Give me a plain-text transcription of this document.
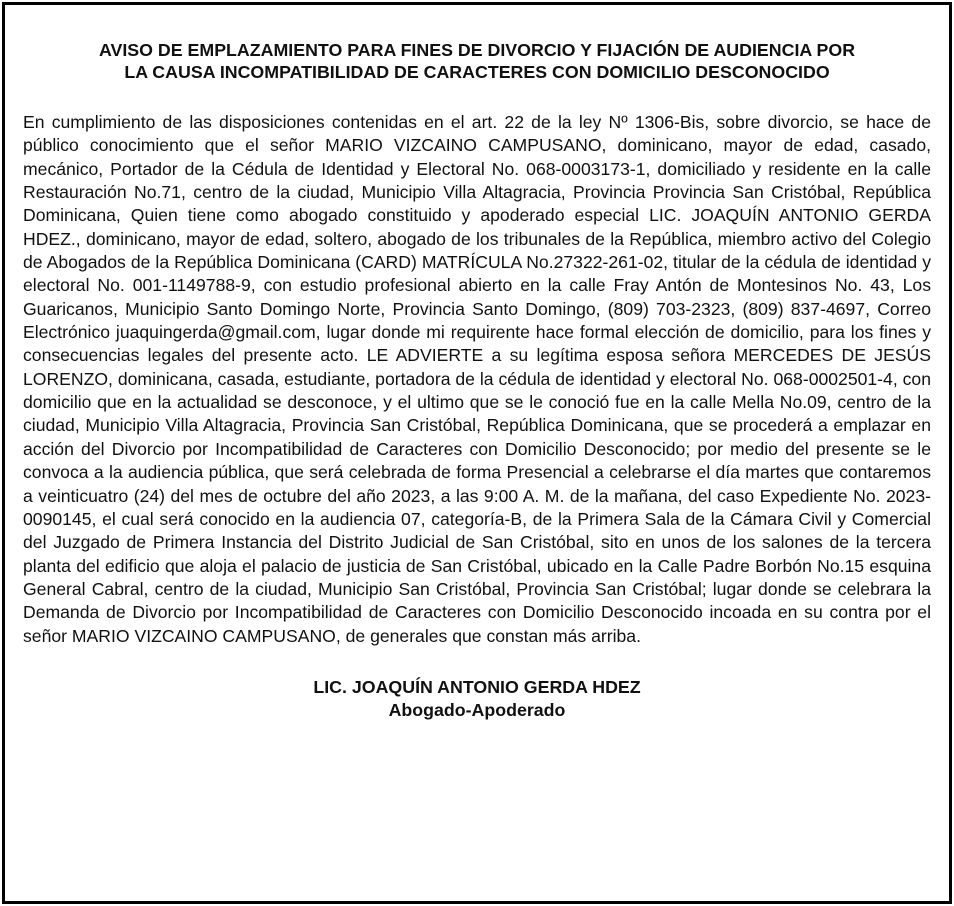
AVISO DE EMPLAZAMIENTO PARA FINES DE DIVORCIO Y FIJACIÓN DE AUDIENCIA POR
LA CAUSA INCOMPATIBILIDAD DE CARACTERES CON DOMICILIO DESCONOCIDO

En cumplimiento de las disposiciones contenidas en el art. 22 de la ley Nº 1306-Bis, sobre divorcio, se hace de público conocimiento que el señor MARIO VIZCAINO CAMPUSANO, dominicano, mayor de edad, casado, mecánico, Portador de la Cédula de Identidad y Electoral No. 068-0003173-1, domiciliado y residente en la calle Restauración No.71, centro de la ciudad, Municipio Villa Altagracia, Provincia Provincia San Cristóbal, República Dominicana, Quien tiene como abogado constituido y apoderado especial LIC. JOAQUÍN ANTONIO GERDA HDEZ., dominicano, mayor de edad, soltero, abogado de los tribunales de la República, miembro activo del Colegio de Abogados de la República Dominicana (CARD) MATRÍCULA No.27322-261-02, titular de la cédula de identidad y electoral No. 001-1149788-9, con estudio profesional abierto en la calle Fray Antón de Montesinos No. 43, Los Guaricanos, Municipio Santo Domingo Norte, Provincia Santo Domingo, (809) 703-2323, (809) 837-4697, Correo Electrónico juaquingerda@gmail.com, lugar donde mi requirente hace formal elección de domicilio, para los fines y consecuencias legales del presente acto. LE ADVIERTE a su legítima esposa señora MERCEDES DE JESÚS LORENZO, dominicana, casada, estudiante, portadora de la cédula de identidad y electoral No. 068-0002501-4, con domicilio que en la actualidad se desconoce, y el ultimo que se le conoció fue en la calle Mella No.09, centro de la ciudad, Municipio Villa Altagracia, Provincia San Cristóbal, República Dominicana, que se procederá a emplazar en acción del Divorcio por Incompatibilidad de Caracteres con Domicilio Desconocido; por medio del presente se le convoca a la audiencia pública, que será celebrada de forma Presencial a celebrarse el día martes que contaremos a veinticuatro (24) del mes de octubre del año 2023, a las 9:00 A. M. de la mañana, del caso Expediente No. 2023-0090145, el cual será conocido en la audiencia 07, categoría-B, de la Primera Sala de la Cámara Civil y Comercial del Juzgado de Primera Instancia del Distrito Judicial de San Cristóbal, sito en unos de los salones de la tercera planta del edificio que aloja el palacio de justicia de San Cristóbal, ubicado en la Calle Padre Borbón No.15 esquina General Cabral, centro de la ciudad, Municipio San Cristóbal, Provincia San Cristóbal; lugar donde se celebrara la Demanda de Divorcio por Incompatibilidad de Caracteres con Domicilio Desconocido incoada en su contra por el señor MARIO VIZCAINO CAMPUSANO, de generales que constan más arriba.

LIC. JOAQUÍN ANTONIO GERDA HDEZ
Abogado-Apoderado
